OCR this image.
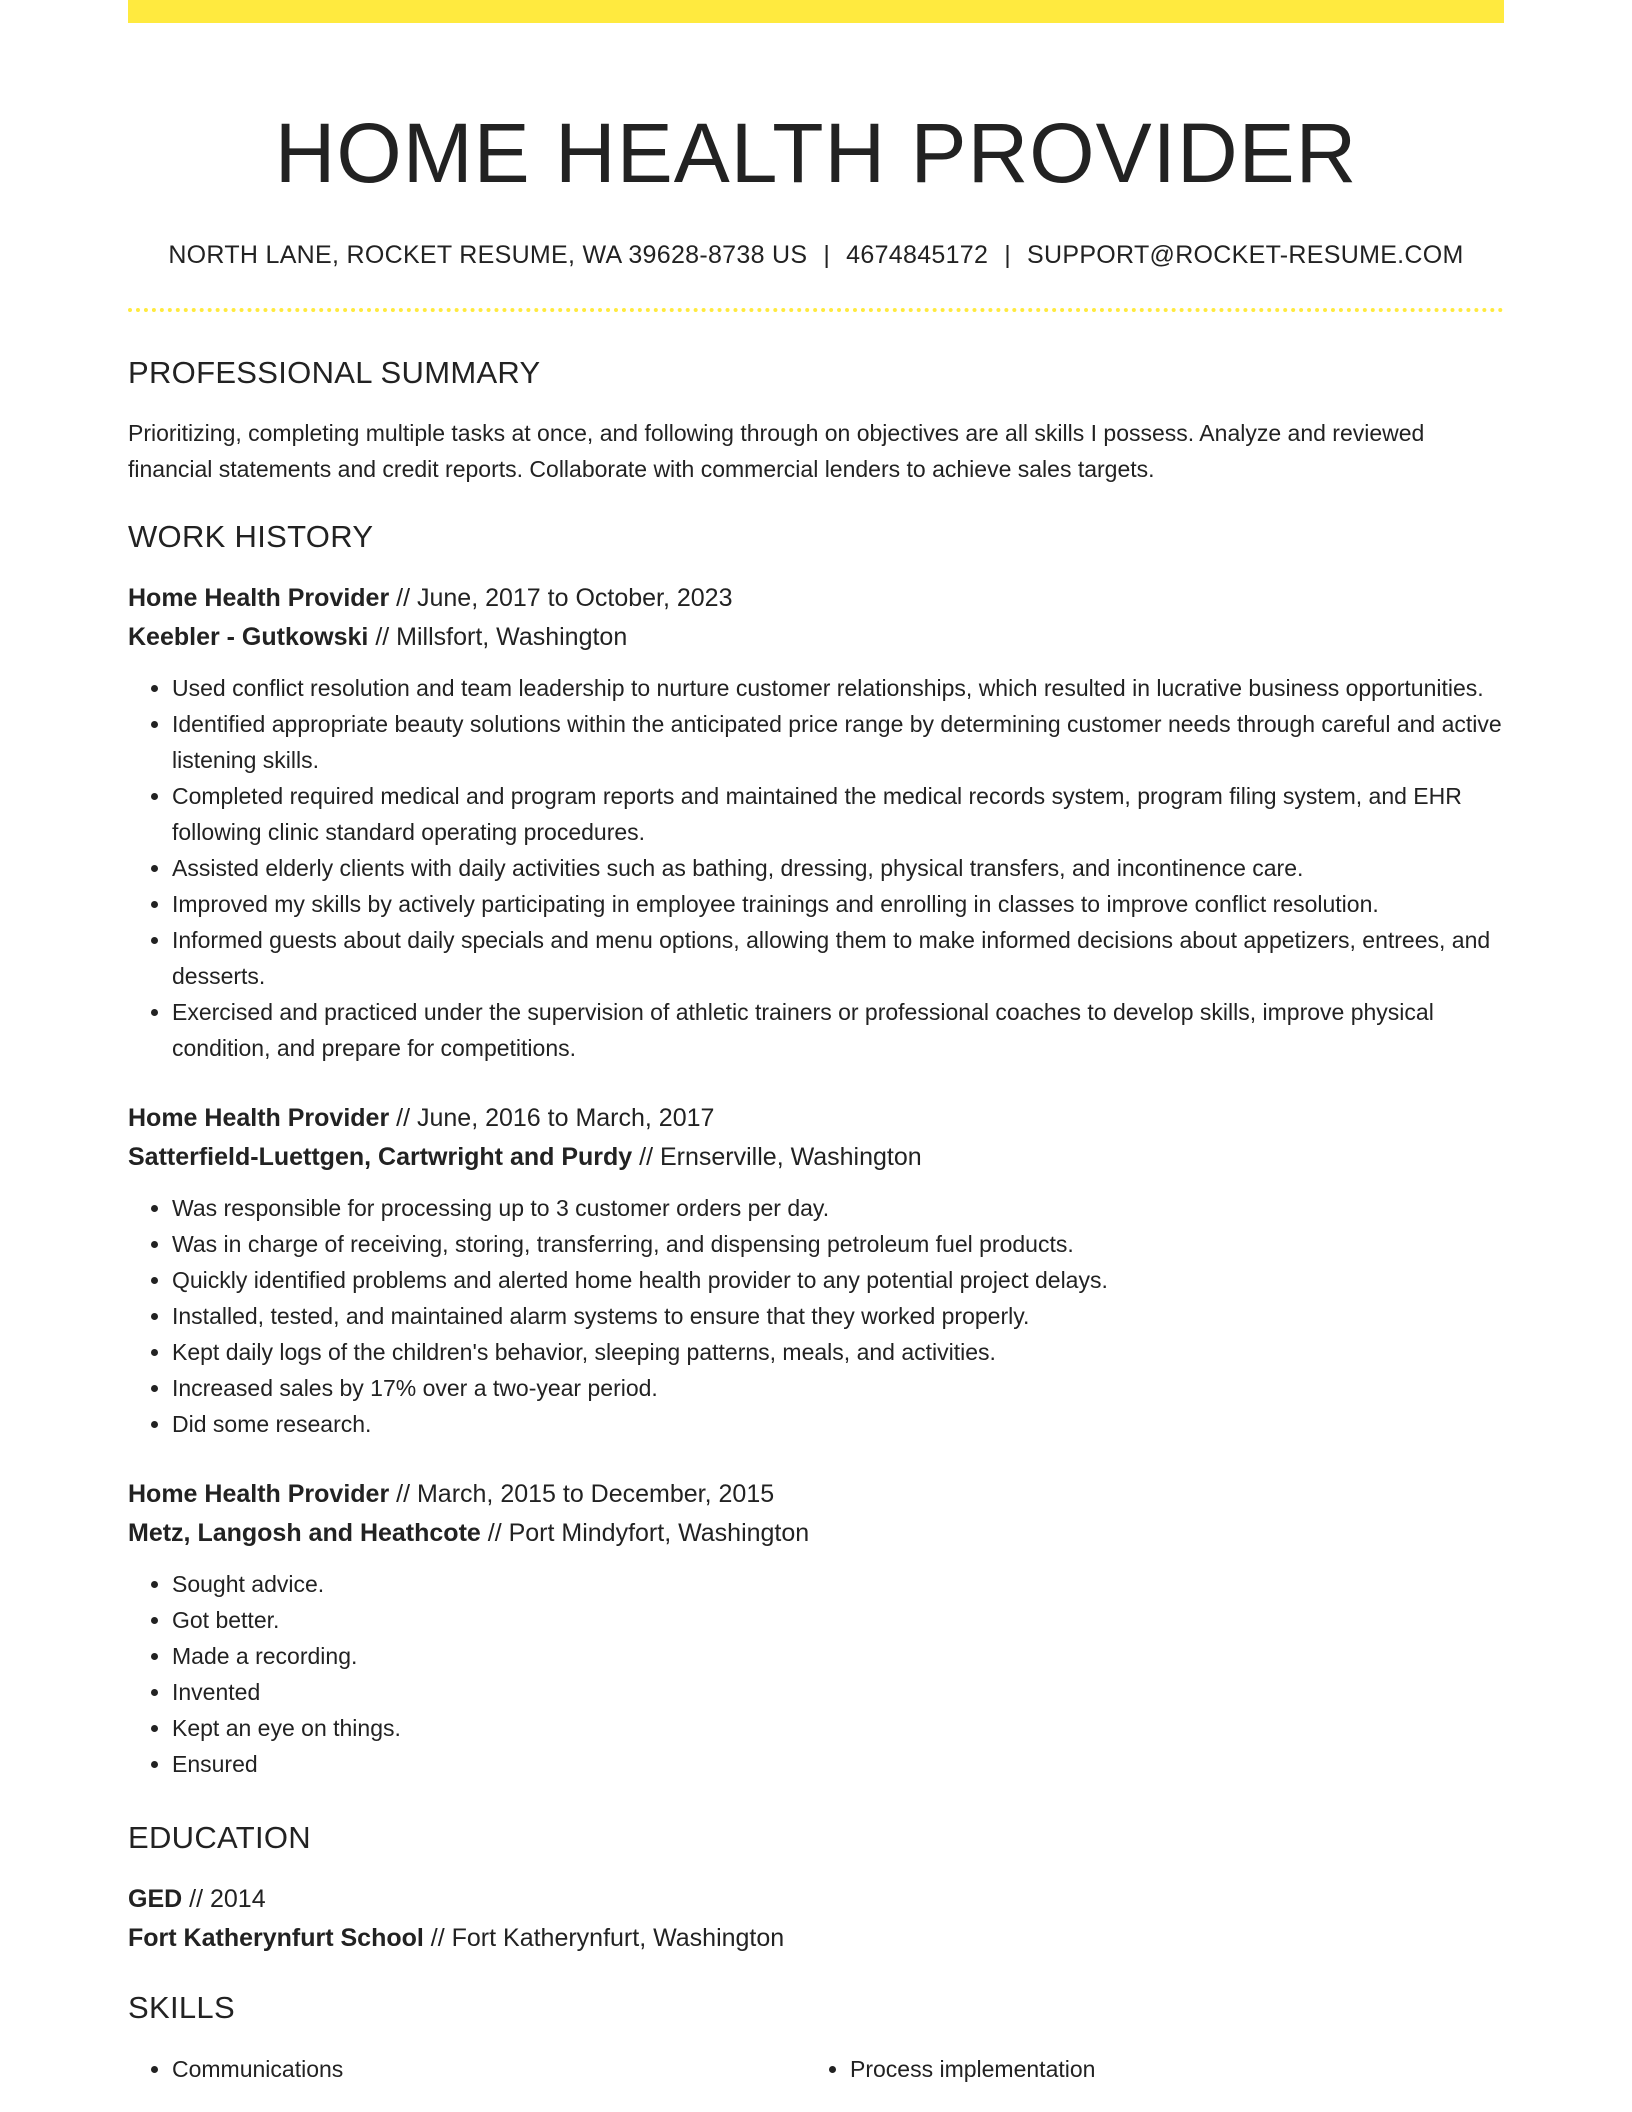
HOME HEALTH PROVIDER
NORTH LANE, ROCKET RESUME, WA 39628-8738 US | 4674845172 | SUPPORT@ROCKET-RESUME.COM
PROFESSIONAL SUMMARY

Prioritizing, completing multiple tasks at once, and following through on objectives are all skills I possess. Analyze and reviewed financial statements and credit reports. Collaborate with commercial lenders to achieve sales targets.

WORK HISTORY
Home Health Provider // June, 2017 to October, 2023
Keebler - Gutkowski // Millsfort, Washington
• Used conflict resolution and team leadership to nurture customer relationships, which resulted in lucrative business opportunities.
• Identified appropriate beauty solutions within the anticipated price range by determining customer needs through careful and active listening skills.
• Completed required medical and program reports and maintained the medical records system, program filing system, and EHR following clinic standard operating procedures.
• Assisted elderly clients with daily activities such as bathing, dressing, physical transfers, and incontinence care.
• Improved my skills by actively participating in employee trainings and enrolling in classes to improve conflict resolution.
• Informed guests about daily specials and menu options, allowing them to make informed decisions about appetizers, entrees, and desserts.
• Exercised and practiced under the supervision of athletic trainers or professional coaches to develop skills, improve physical condition, and prepare for competitions.
Home Health Provider // June, 2016 to March, 2017
Satterfield-Luettgen, Cartwright and Purdy // Ernserville, Washington
• Was responsible for processing up to 3 customer orders per day.
• Was in charge of receiving, storing, transferring, and dispensing petroleum fuel products.
• Quickly identified problems and alerted home health provider to any potential project delays.
• Installed, tested, and maintained alarm systems to ensure that they worked properly.
• Kept daily logs of the children's behavior, sleeping patterns, meals, and activities.
• Increased sales by 17% over a two-year period.
• Did some research.
Home Health Provider // March, 2015 to December, 2015
Metz, Langosh and Heathcote // Port Mindyfort, Washington
• Sought advice.
• Got better.
• Made a recording.
• Invented
• Kept an eye on things.
• Ensured
EDUCATION
GED // 2014
Fort Katherynfurt School // Fort Katherynfurt, Washington
SKILLS
• Communications
•	Process implementation
